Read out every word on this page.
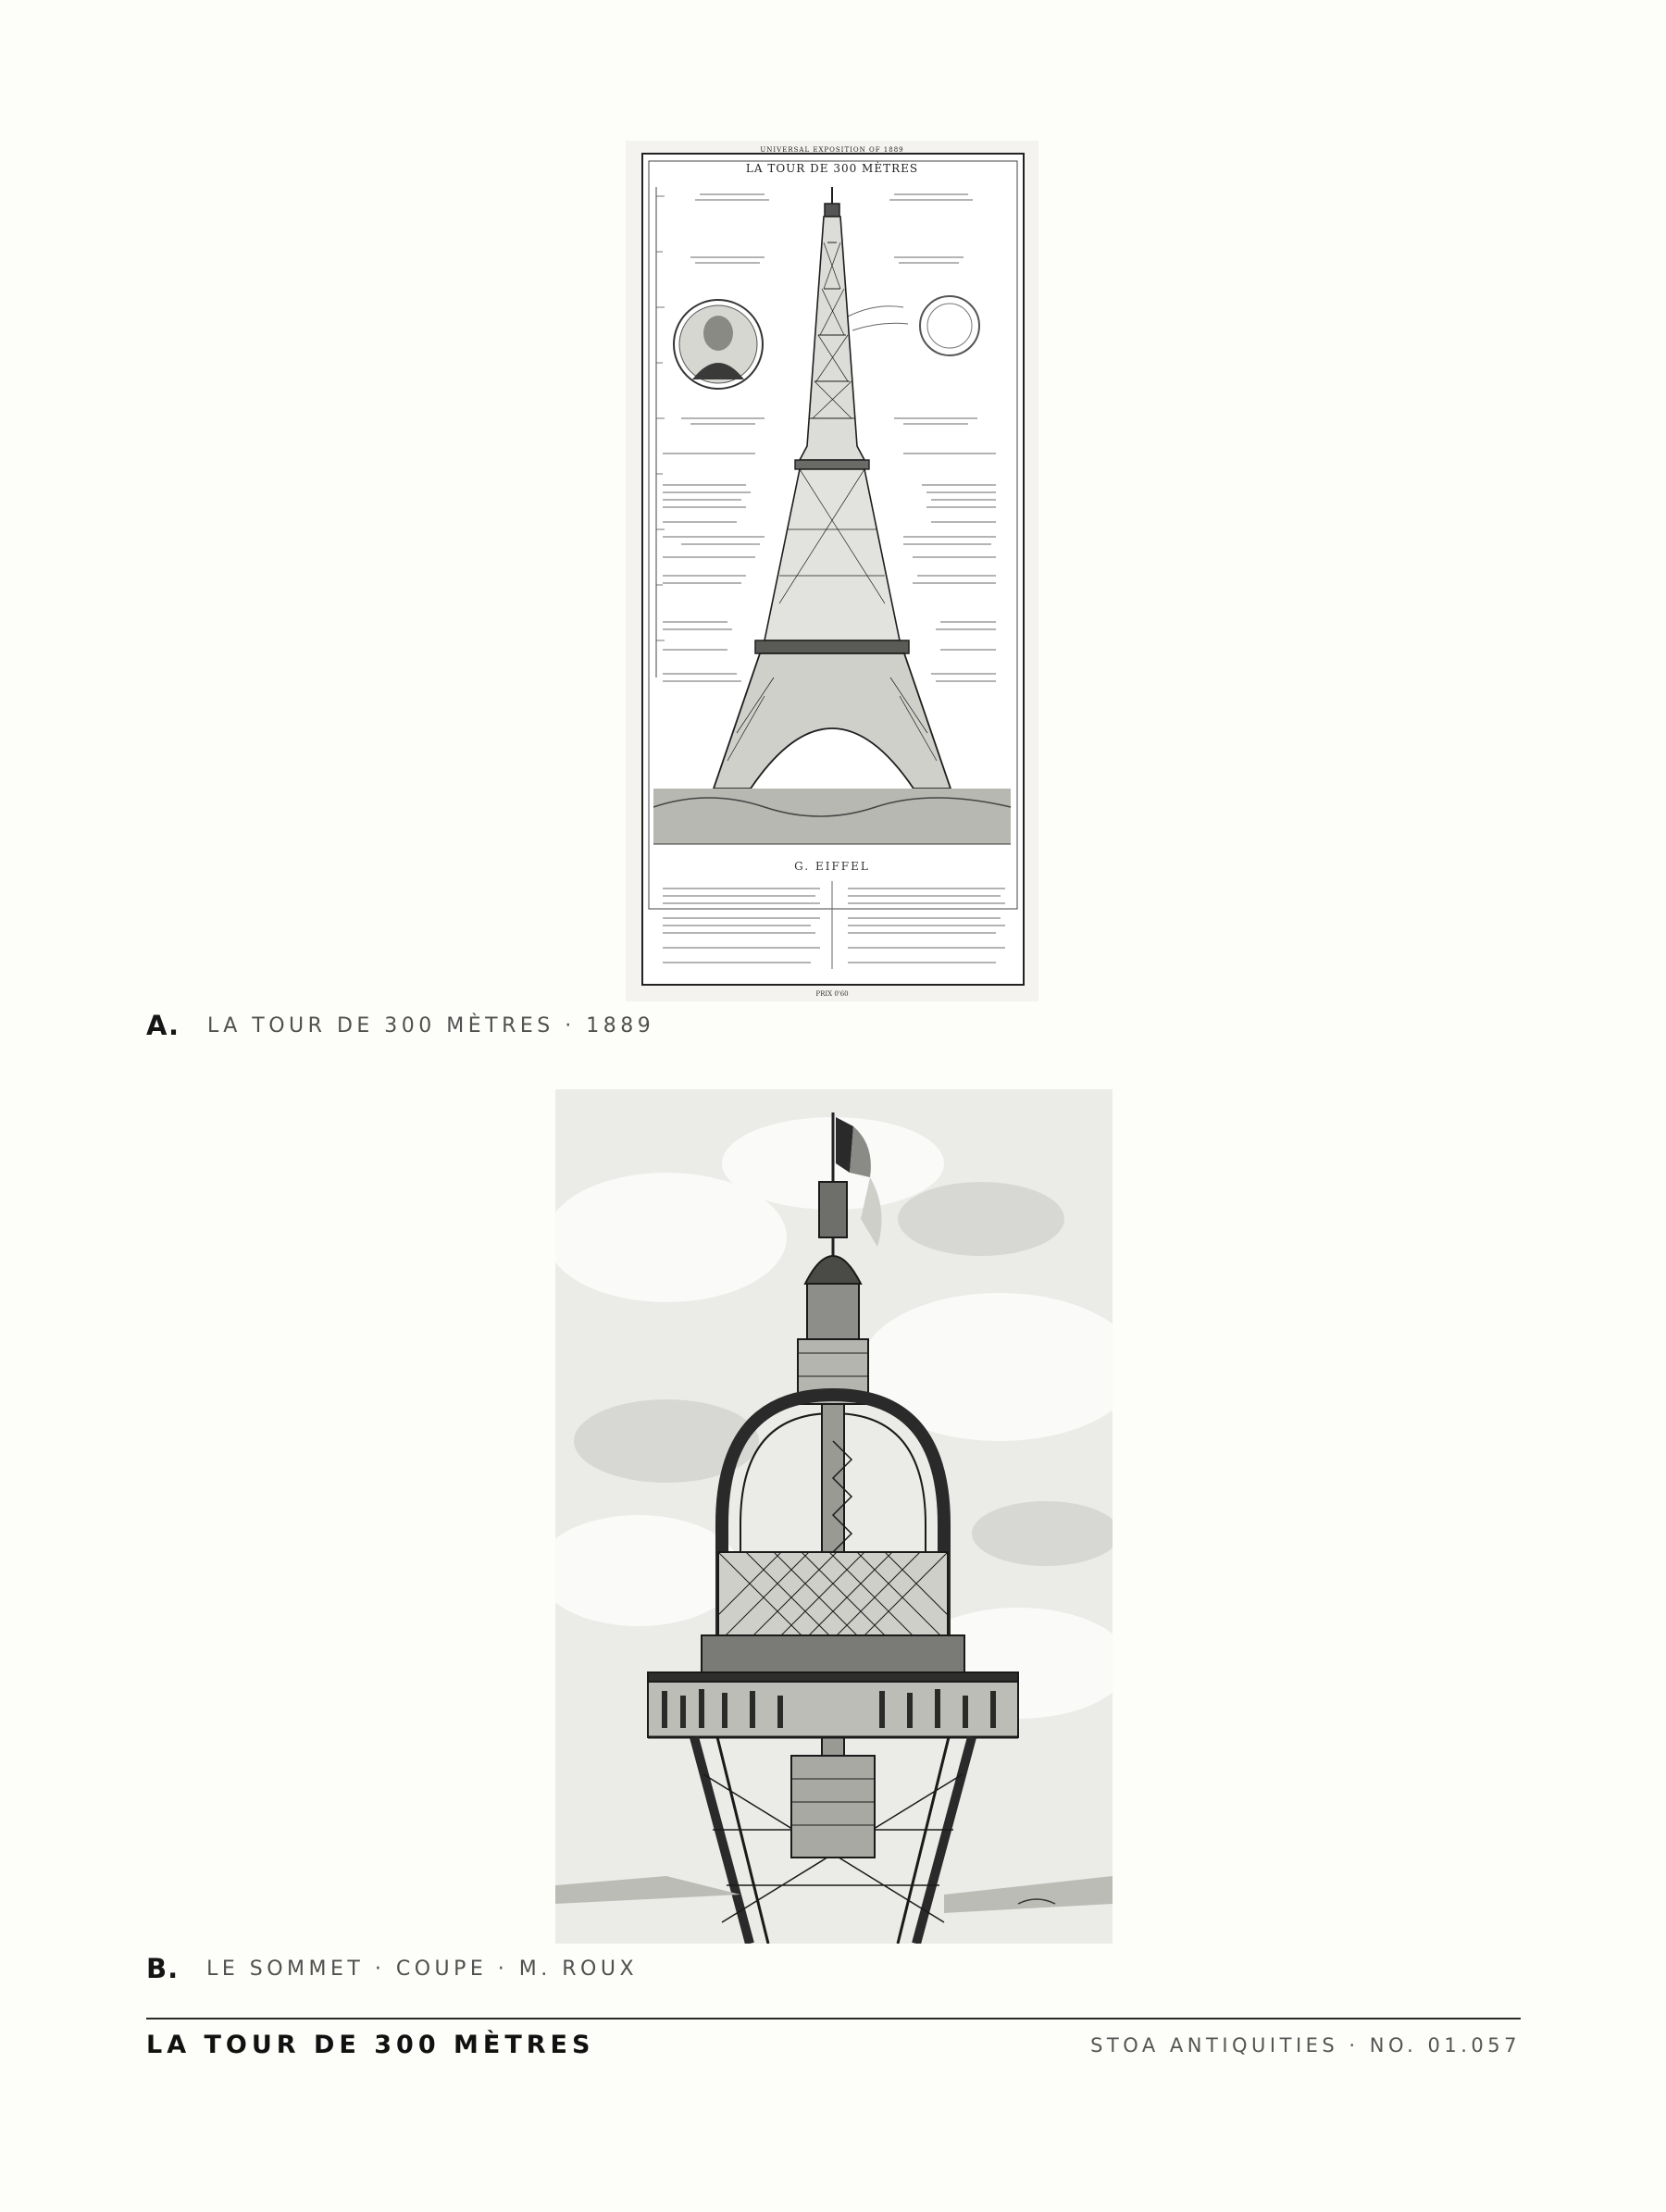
UNIVERSAL EXPOSITION OF 1889
LA TOUR DE 300 MÈTRES
G. EIFFEL
PRIX 0'60
A. LA TOUR DE 300 MÈTRES · 1889
B. LE SOMMET · COUPE · M. ROUX
LA TOUR DE 300 MÈTRES	STOA ANTIQUITIES · NO. 01.057
